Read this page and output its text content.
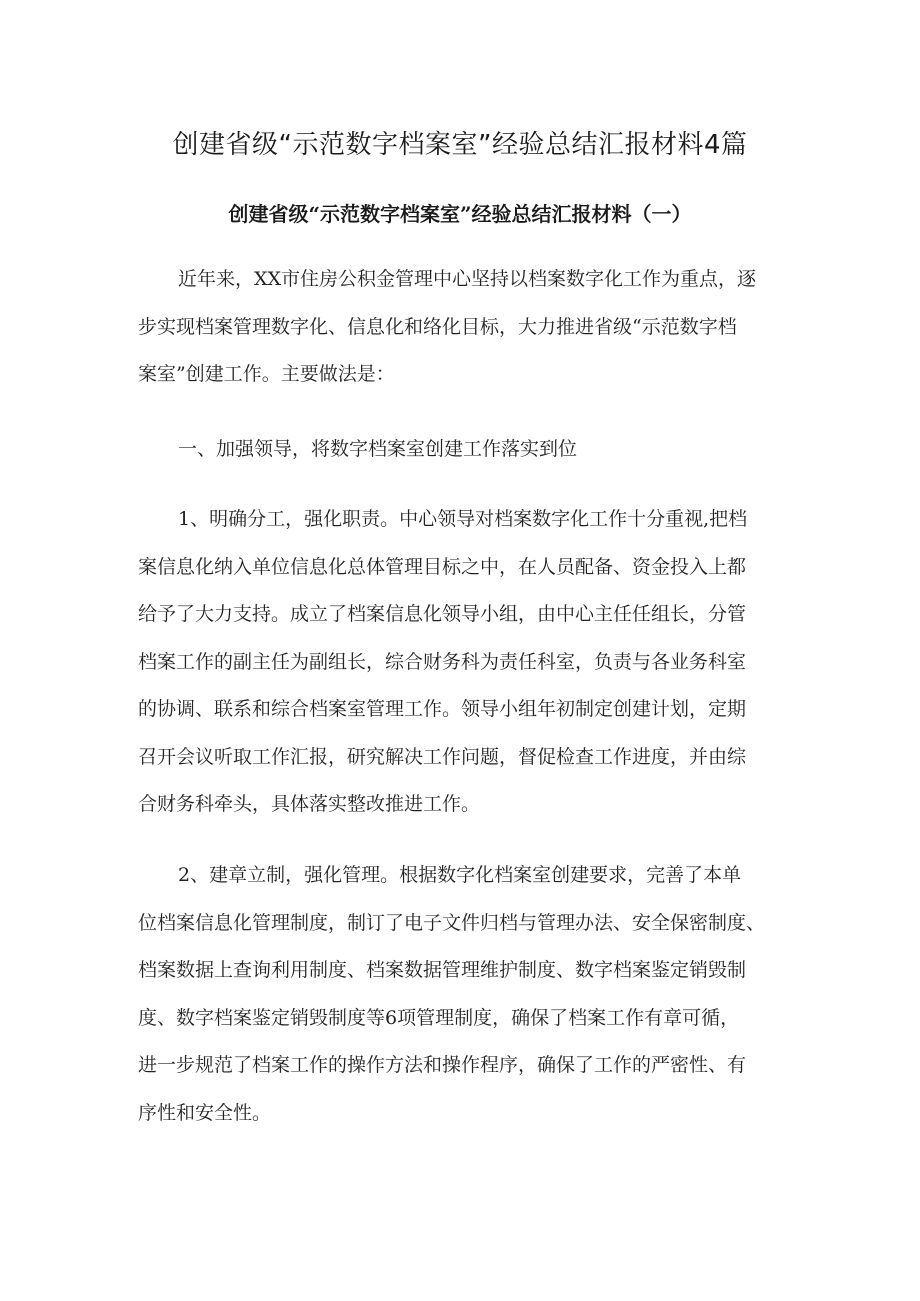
创建省级“示范数字档案室”经验总结汇报材料4篇
创建省级“示范数字档案室”经验总结汇报材料（一）

近年来，XX市住房公积金管理中心坚持以档案数字化工作为重点，逐
步实现档案管理数字化、信息化和络化目标，大力推进省级“示范数字档
案室”创建工作。主要做法是：

一、加强领导，将数字档案室创建工作落实到位

1、明确分工，强化职责。中心领导对档案数字化工作十分重视,把档
案信息化纳入单位信息化总体管理目标之中，在人员配备、资金投入上都
给予了大力支持。成立了档案信息化领导小组，由中心主任任组长，分管
档案工作的副主任为副组长，综合财务科为责任科室，负责与各业务科室
的协调、联系和综合档案室管理工作。领导小组年初制定创建计划，定期
召开会议听取工作汇报，研究解决工作问题，督促检查工作进度，并由综
合财务科牵头，具体落实整改推进工作。

2、建章立制，强化管理。根据数字化档案室创建要求，完善了本单
位档案信息化管理制度，制订了电子文件归档与管理办法、安全保密制度、
档案数据上查询利用制度、档案数据管理维护制度、数字档案鉴定销毁制
度、数字档案鉴定销毁制度等6项管理制度，确保了档案工作有章可循，
进一步规范了档案工作的操作方法和操作程序，确保了工作的严密性、有
序性和安全性。
